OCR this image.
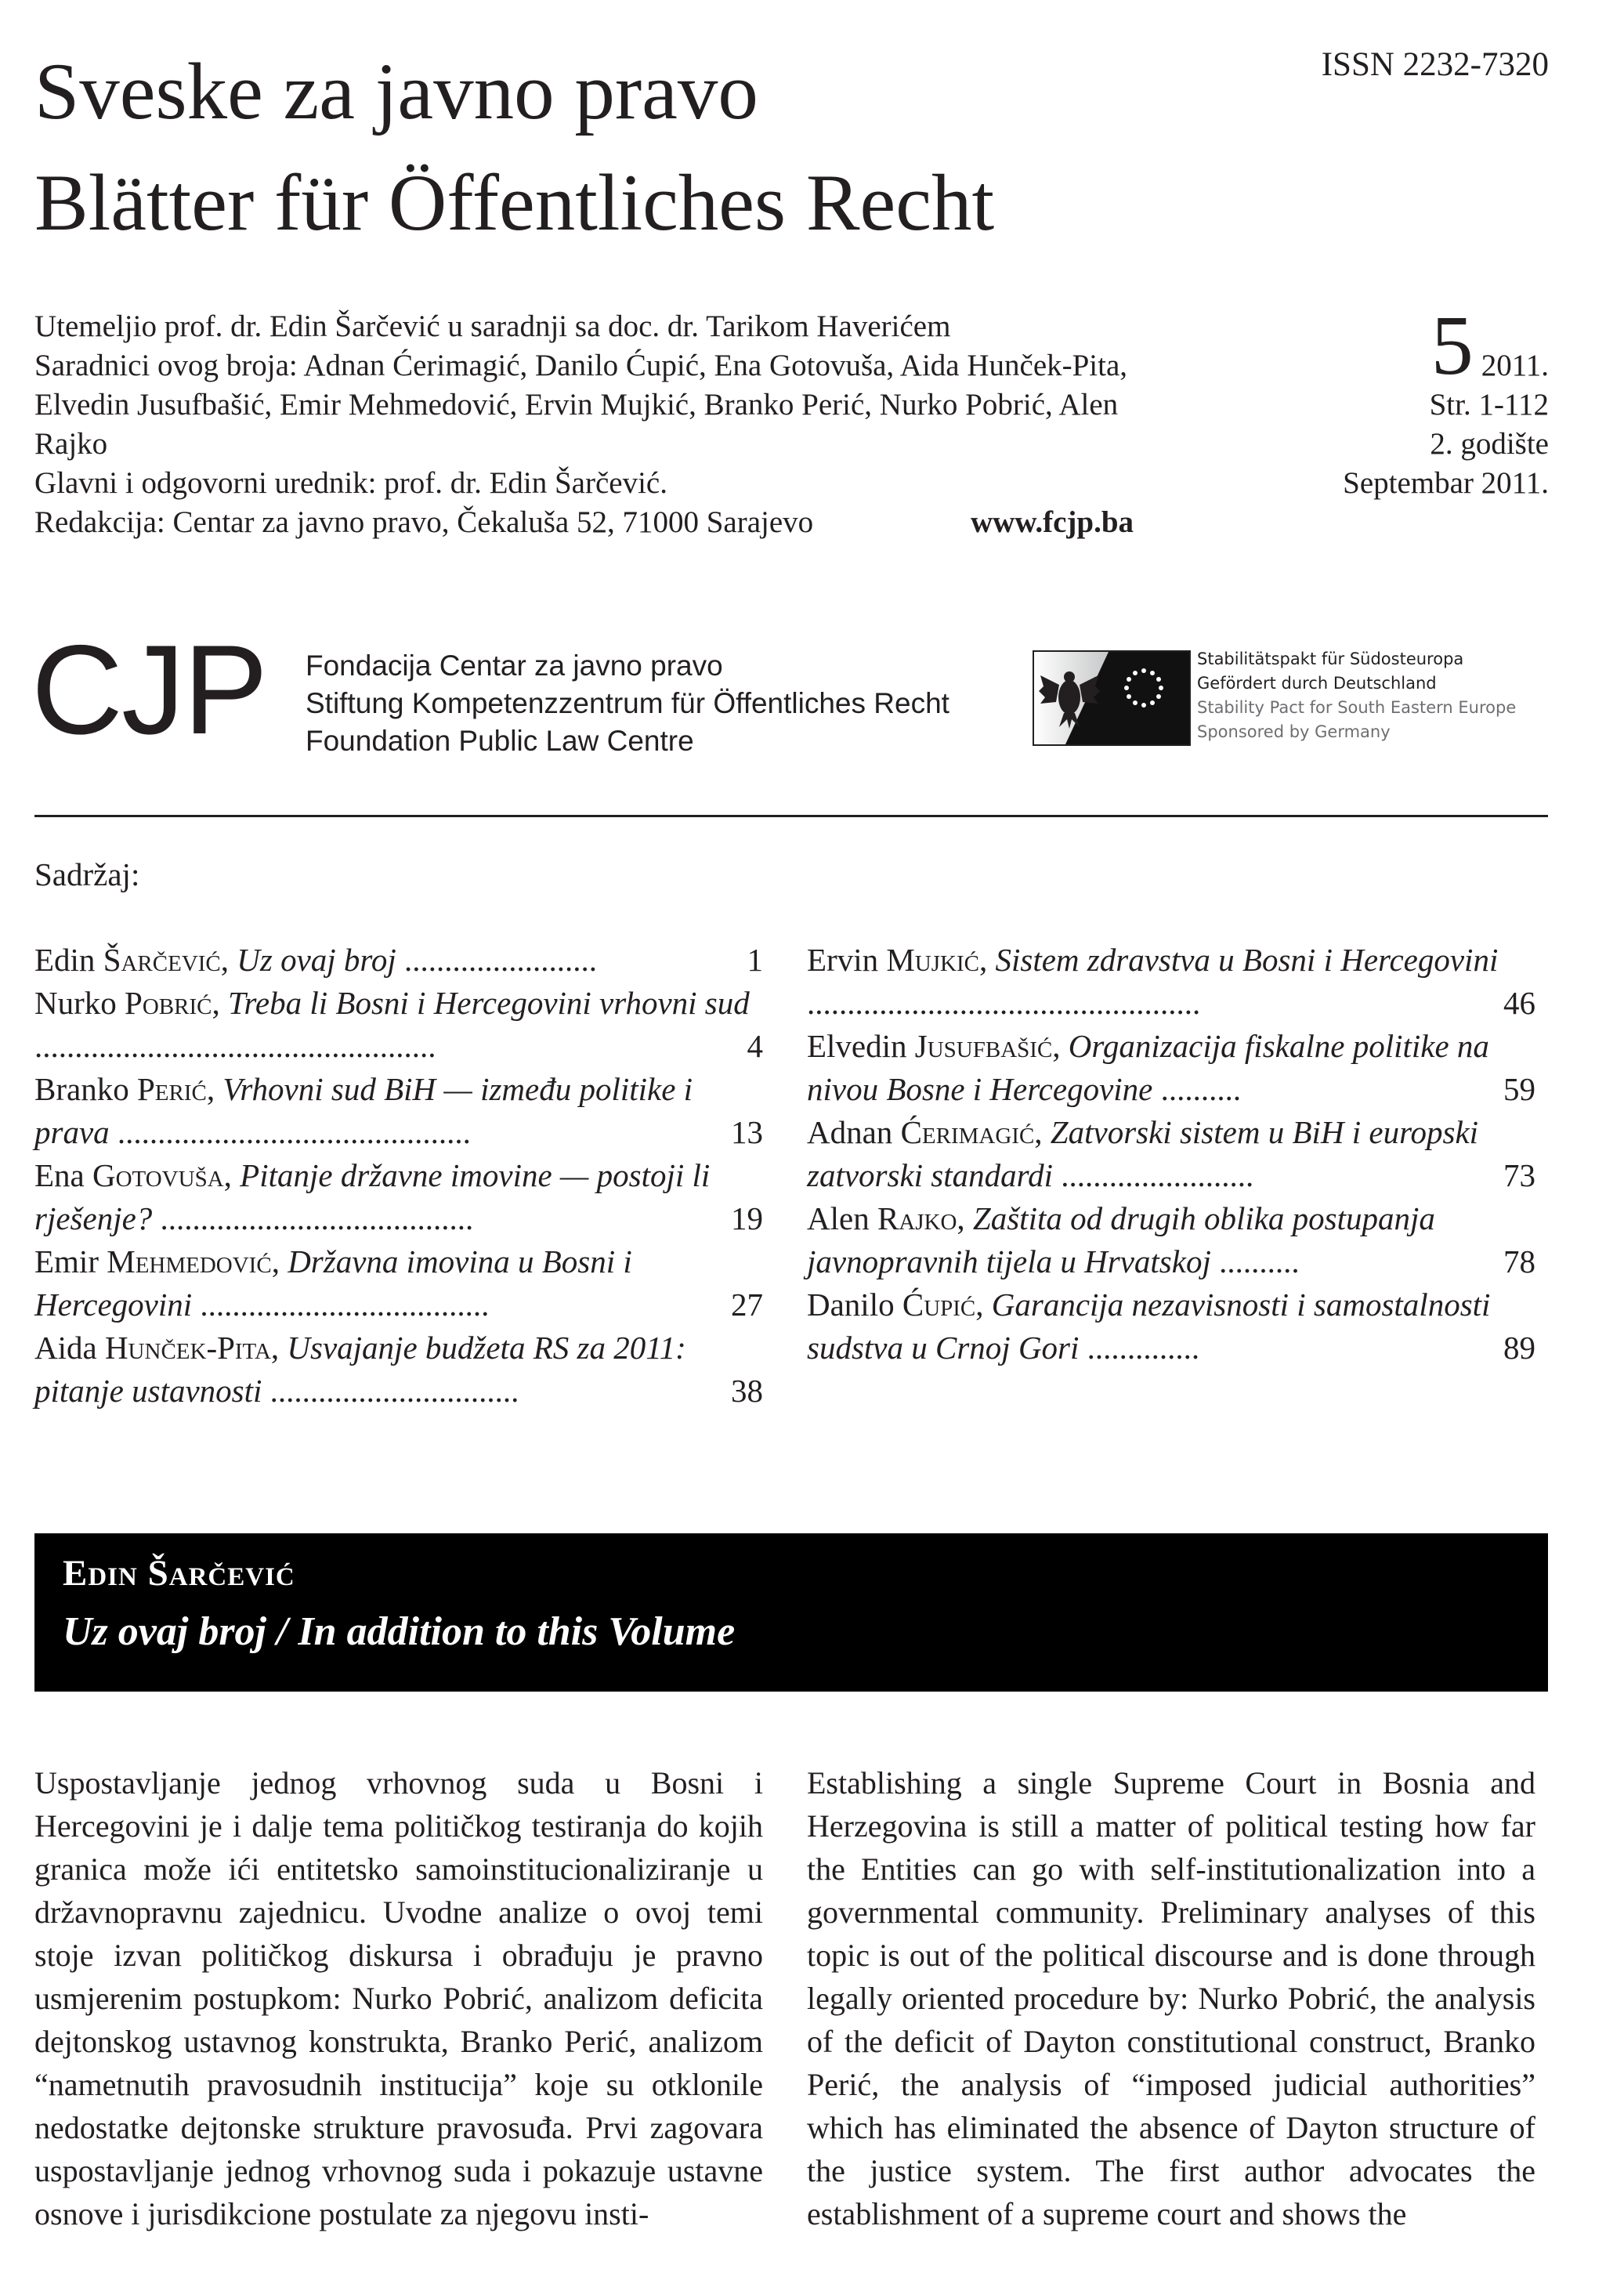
Sveske za javno pravo
Blätter für Öffentliches Recht
ISSN 2232-7320
Utemeljio prof. dr. Edin Šarčević u saradnji sa doc. dr. Tarikom Haverićem
Saradnici ovog broja: Adnan Ćerimagić, Danilo Ćupić, Ena Gotovuša, Aida Hunček-Pita,
Elvedin Jusufbašić, Emir Mehmedović, Ervin Mujkić, Branko Perić, Nurko Pobrić, Alen
Rajko
Glavni i odgovorni urednik: prof. dr. Edin Šarčević.
Redakcija: Centar za javno pravo, Čekaluša 52, 71000 Sarajevo	www.fcjp.ba
5 2011.
Str. 1-112
2. godište
Septembar 2011.
CJP Fondacija Centar za javno pravo
Stiftung Kompetenzzentrum für Öffentliches Recht
Foundation Public Law Centre
Stabilitätspakt für Südosteuropa
Gefördert durch Deutschland
Stability Pact for South Eastern Europe
Sponsored by Germany
Sadržaj:
Edin Šarčević, Uz ovaj broj ........................	1
Nurko Pobrić, Treba li Bosni i Hercegovini vrhovni sud ..................................................	4
Branko Perić, Vrhovni sud BiH — između politike i prava ............................................	13
Ena Gotovuša, Pitanje državne imovine — postoji li rješenje? .......................................	19
Emir Mehmedović, Državna imovina u Bosni i Hercegovini ....................................	27
Aida Hunček-Pita, Usvajanje budžeta RS za 2011: pitanje ustavnosti ...............................	38
Ervin Mujkić, Sistem zdravstva u Bosni i Hercegovini .................................................	46
Elvedin Jusufbašić, Organizacija fiskalne politike na nivou Bosne i Hercegovine ..........	59
Adnan Ćerimagić, Zatvorski sistem u BiH i europski zatvorski standardi ........................	73
Alen Rajko, Zaštita od drugih oblika postupanja javnopravnih tijela u Hrvatskoj ..........	78
Danilo Ćupić, Garancija nezavisnosti i samostalnosti sudstva u Crnoj Gori ..............	89
Edin Šarčević
Uz ovaj broj / In addition to this Volume
Uspostavljanje jednog vrhovnog suda u Bosni i Hercegovini je i dalje tema političkog testiranja do kojih granica može ići entitetsko samoinstitucionaliziranje u državnopravnu zajednicu. Uvodne analize o ovoj temi stoje izvan političkog diskursa i obrađuju je pravno usmjerenim postupkom: Nurko Pobrić, analizom deficita dejtonskog ustavnog konstrukta, Branko Perić, analizom “nametnutih pravosudnih institucija” koje su otklonile nedostatke dejtonske strukture pravosuđa. Prvi zagovara uspostavljanje jednog vrhovnog suda i pokazuje ustavne osnove i jurisdikcione postulate za njegovu insti-
Establishing a single Supreme Court in Bosnia and Herzegovina is still a matter of political testing how far the Entities can go with self-institutionalization into a governmental community. Preliminary analyses of this topic is out of the political discourse and is done through legally oriented procedure by: Nurko Pobrić, the analysis of the deficit of Dayton constitutional construct, Branko Perić, the analysis of “imposed judicial authorities” which has eliminated the absence of Dayton structure of the justice system. The first author advocates the establishment of a supreme court and shows the
